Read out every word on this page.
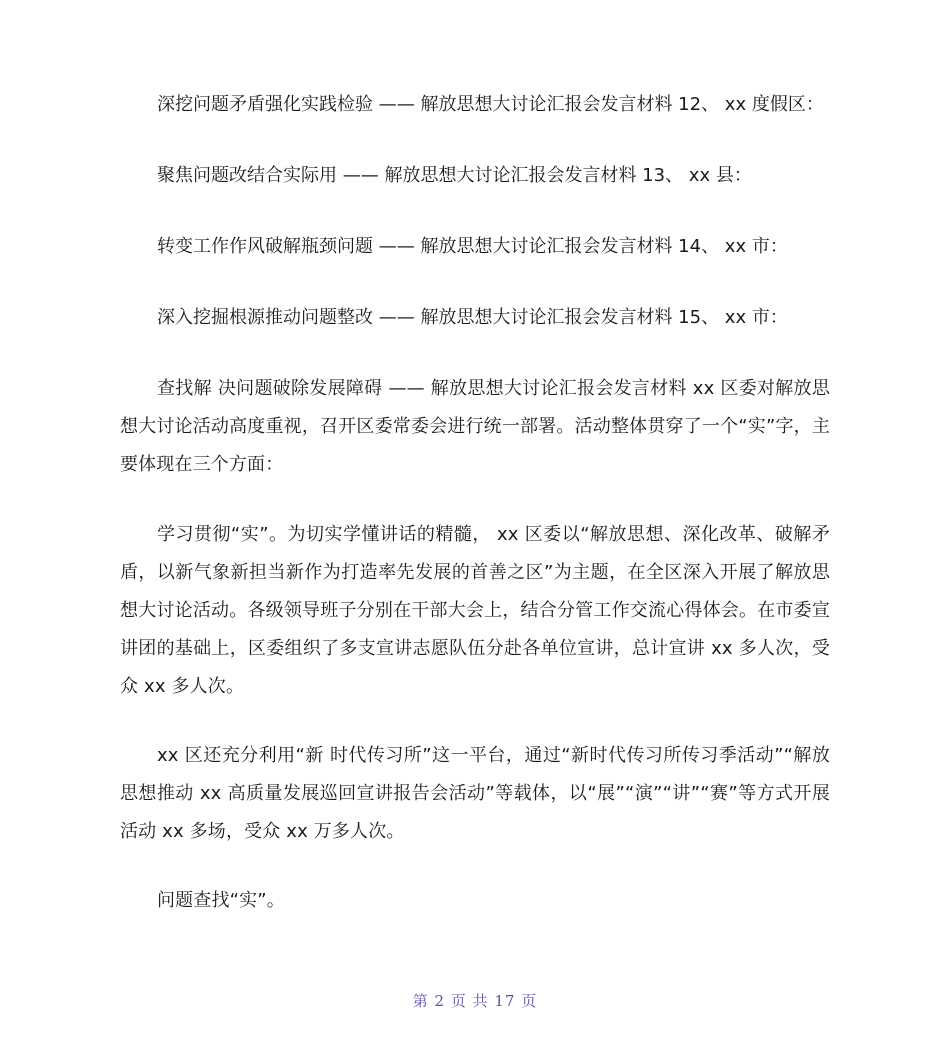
深挖问题矛盾强化实践检验 —— 解放思想大讨论汇报会发言材料 12、 xx 度假区：

聚焦问题改结合实际用 —— 解放思想大讨论汇报会发言材料 13、 xx 县：

转变工作作风破解瓶颈问题 —— 解放思想大讨论汇报会发言材料 14、 xx 市：

深入挖掘根源推动问题整改 —— 解放思想大讨论汇报会发言材料 15、 xx 市：

查找解 决问题破除发展障碍 —— 解放思想大讨论汇报会发言材料 xx 区委对解放思想大讨论活动高度重视，召开区委常委会进行统一部署。活动整体贯穿了一个“实”字，主要体现在三个方面：

学习贯彻“实”。为切实学懂讲话的精髓， xx 区委以“解放思想、深化改革、破解矛盾，以新气象新担当新作为打造率先发展的首善之区”为主题，在全区深入开展了解放思想大讨论活动。各级领导班子分别在干部大会上，结合分管工作交流心得体会。在市委宣讲团的基础上，区委组织了多支宣讲志愿队伍分赴各单位宣讲，总计宣讲 xx 多人次，受众 xx 多人次。

xx 区还充分利用“新 时代传习所”这一平台，通过“新时代传习所传习季活动”“解放思想推动 xx 高质量发展巡回宣讲报告会活动”等载体，以“展”“演”“讲”“赛”等方式开展活动 xx 多场，受众 xx 万多人次。

问题查找“实”。

第 2 页 共 17 页
